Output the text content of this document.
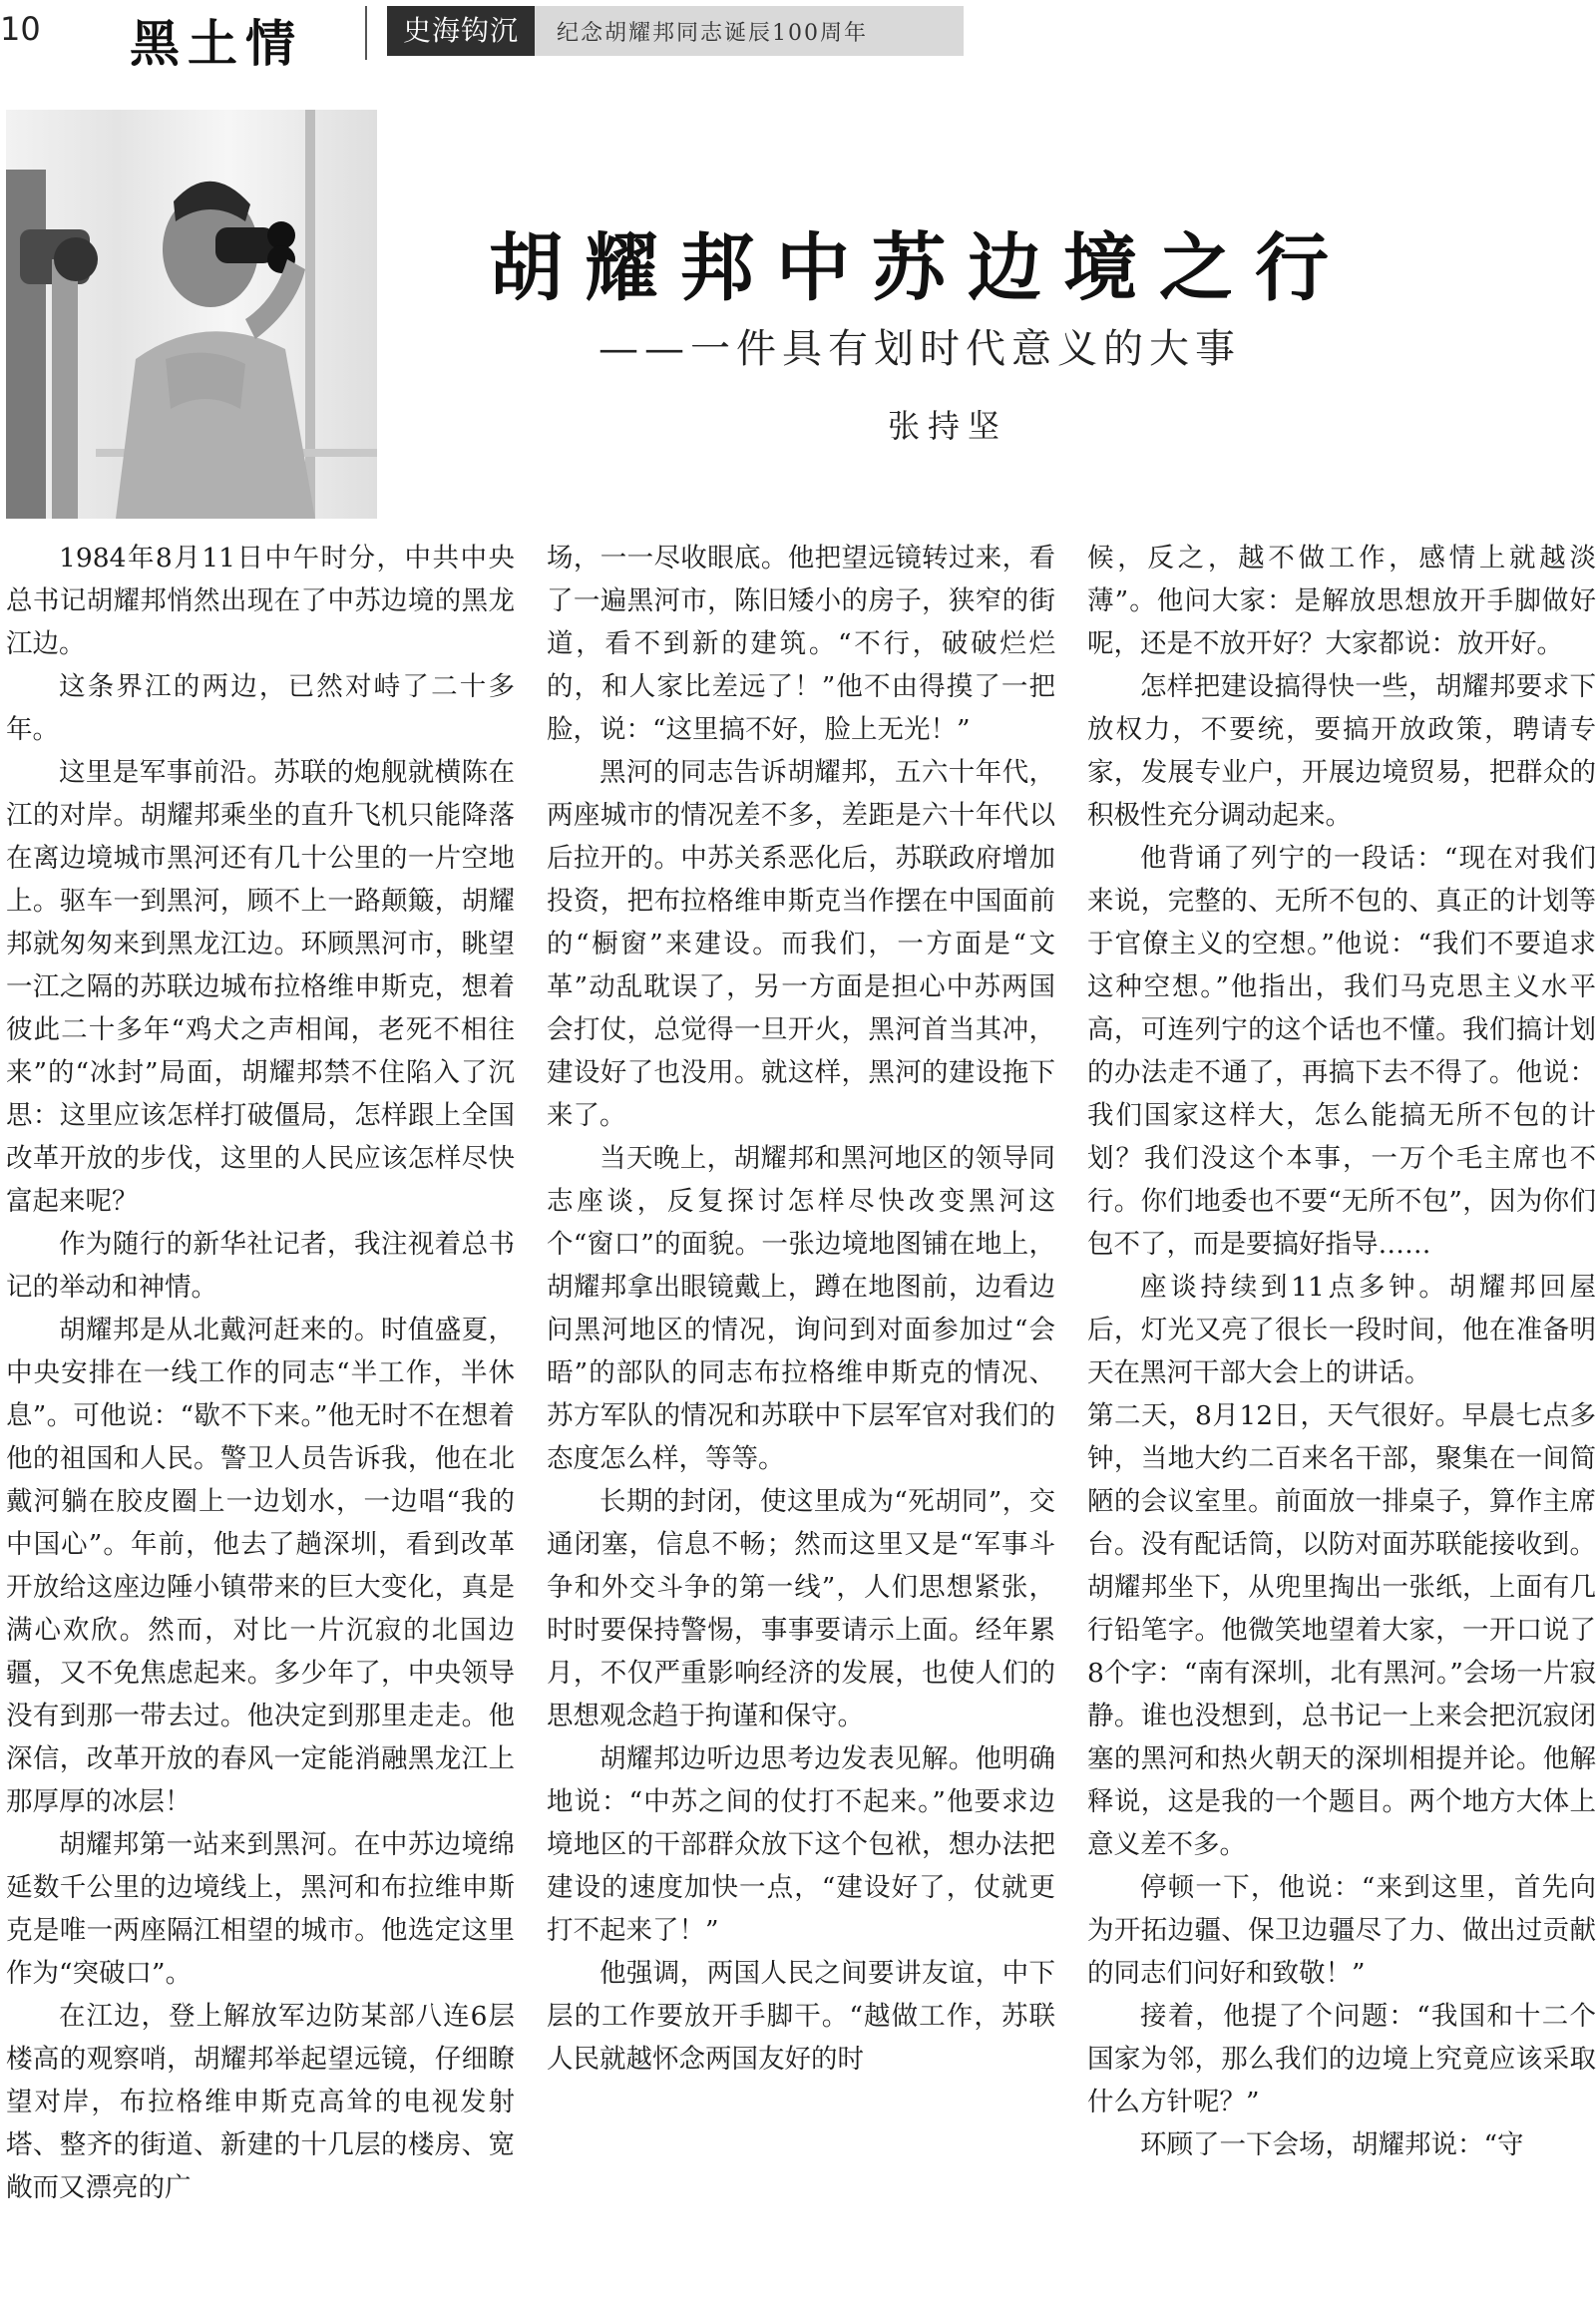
10 黑土情	史海钩沉	纪念胡耀邦同志诞辰100周年
胡耀邦中苏边境之行
——一件具有划时代意义的大事
张持坚

1984年8月11日中午时分，中共中央总书记胡耀邦悄然出现在了中苏边境的黑龙江边。

这条界江的两边，已然对峙了二十多年。

这里是军事前沿。苏联的炮舰就横陈在江的对岸。胡耀邦乘坐的直升飞机只能降落在离边境城市黑河还有几十公里的一片空地上。驱车一到黑河，顾不上一路颠簸，胡耀邦就匆匆来到黑龙江边。环顾黑河市，眺望一江之隔的苏联边城布拉格维申斯克，想着彼此二十多年“鸡犬之声相闻，老死不相往来”的“冰封”局面，胡耀邦禁不住陷入了沉思：这里应该怎样打破僵局，怎样跟上全国改革开放的步伐，这里的人民应该怎样尽快富起来呢？

作为随行的新华社记者，我注视着总书记的举动和神情。

胡耀邦是从北戴河赶来的。时值盛夏，中央安排在一线工作的同志“半工作，半休息”。可他说：“歇不下来。”他无时不在想着他的祖国和人民。警卫人员告诉我，他在北戴河躺在胶皮圈上一边划水，一边唱“我的中国心”。年前，他去了趟深圳，看到改革开放给这座边陲小镇带来的巨大变化，真是满心欢欣。然而，对比一片沉寂的北国边疆，又不免焦虑起来。多少年了，中央领导没有到那一带去过。他决定到那里走走。他深信，改革开放的春风一定能消融黑龙江上那厚厚的冰层！

胡耀邦第一站来到黑河。在中苏边境绵延数千公里的边境线上，黑河和布拉维申斯克是唯一两座隔江相望的城市。他选定这里作为“突破口”。

在江边，登上解放军边防某部八连6层楼高的观察哨，胡耀邦举起望远镜，仔细瞭望对岸，布拉格维申斯克高耸的电视发射塔、整齐的街道、新建的十几层的楼房、宽敞而又漂亮的广

场，一一尽收眼底。他把望远镜转过来，看了一遍黑河市，陈旧矮小的房子，狭窄的街道，看不到新的建筑。“不行，破破烂烂的，和人家比差远了！”他不由得摸了一把脸，说：“这里搞不好，脸上无光！”

黑河的同志告诉胡耀邦，五六十年代，两座城市的情况差不多，差距是六十年代以后拉开的。中苏关系恶化后，苏联政府增加投资，把布拉格维申斯克当作摆在中国面前的“橱窗”来建设。而我们，一方面是“文革”动乱耽误了，另一方面是担心中苏两国会打仗，总觉得一旦开火，黑河首当其冲，建设好了也没用。就这样，黑河的建设拖下来了。

当天晚上，胡耀邦和黑河地区的领导同志座谈，反复探讨怎样尽快改变黑河这个“窗口”的面貌。一张边境地图铺在地上，胡耀邦拿出眼镜戴上，蹲在地图前，边看边问黑河地区的情况，询问到对面参加过“会晤”的部队的同志布拉格维申斯克的情况、苏方军队的情况和苏联中下层军官对我们的态度怎么样，等等。

长期的封闭，使这里成为“死胡同”，交通闭塞，信息不畅；然而这里又是“军事斗争和外交斗争的第一线”，人们思想紧张，时时要保持警惕，事事要请示上面。经年累月，不仅严重影响经济的发展，也使人们的思想观念趋于拘谨和保守。

胡耀邦边听边思考边发表见解。他明确地说：“中苏之间的仗打不起来。”他要求边境地区的干部群众放下这个包袱，想办法把建设的速度加快一点，“建设好了，仗就更打不起来了！”

他强调，两国人民之间要讲友谊，中下层的工作要放开手脚干。“越做工作，苏联人民就越怀念两国友好的时

候，反之，越不做工作，感情上就越淡薄”。他问大家：是解放思想放开手脚做好呢，还是不放开好？大家都说：放开好。

怎样把建设搞得快一些，胡耀邦要求下放权力，不要统，要搞开放政策，聘请专家，发展专业户，开展边境贸易，把群众的积极性充分调动起来。

他背诵了列宁的一段话：“现在对我们来说，完整的、无所不包的、真正的计划等于官僚主义的空想。”他说：“我们不要追求这种空想。”他指出，我们马克思主义水平高，可连列宁的这个话也不懂。我们搞计划的办法走不通了，再搞下去不得了。他说：我们国家这样大，怎么能搞无所不包的计划？我们没这个本事，一万个毛主席也不行。你们地委也不要“无所不包”，因为你们包不了，而是要搞好指导……

座谈持续到11点多钟。胡耀邦回屋后，灯光又亮了很长一段时间，他在准备明天在黑河干部大会上的讲话。

第二天，8月12日，天气很好。早晨七点多钟，当地大约二百来名干部，聚集在一间简陋的会议室里。前面放一排桌子，算作主席台。没有配话筒，以防对面苏联能接收到。胡耀邦坐下，从兜里掏出一张纸，上面有几行铅笔字。他微笑地望着大家，一开口说了8个字：“南有深圳，北有黑河。”会场一片寂静。谁也没想到，总书记一上来会把沉寂闭塞的黑河和热火朝天的深圳相提并论。他解释说，这是我的一个题目。两个地方大体上意义差不多。

停顿一下，他说：“来到这里，首先向为开拓边疆、保卫边疆尽了力、做出过贡献的同志们问好和致敬！”

接着，他提了个问题：“我国和十二个国家为邻，那么我们的边境上究竟应该采取什么方针呢？”

环顾了一下会场，胡耀邦说：“守
